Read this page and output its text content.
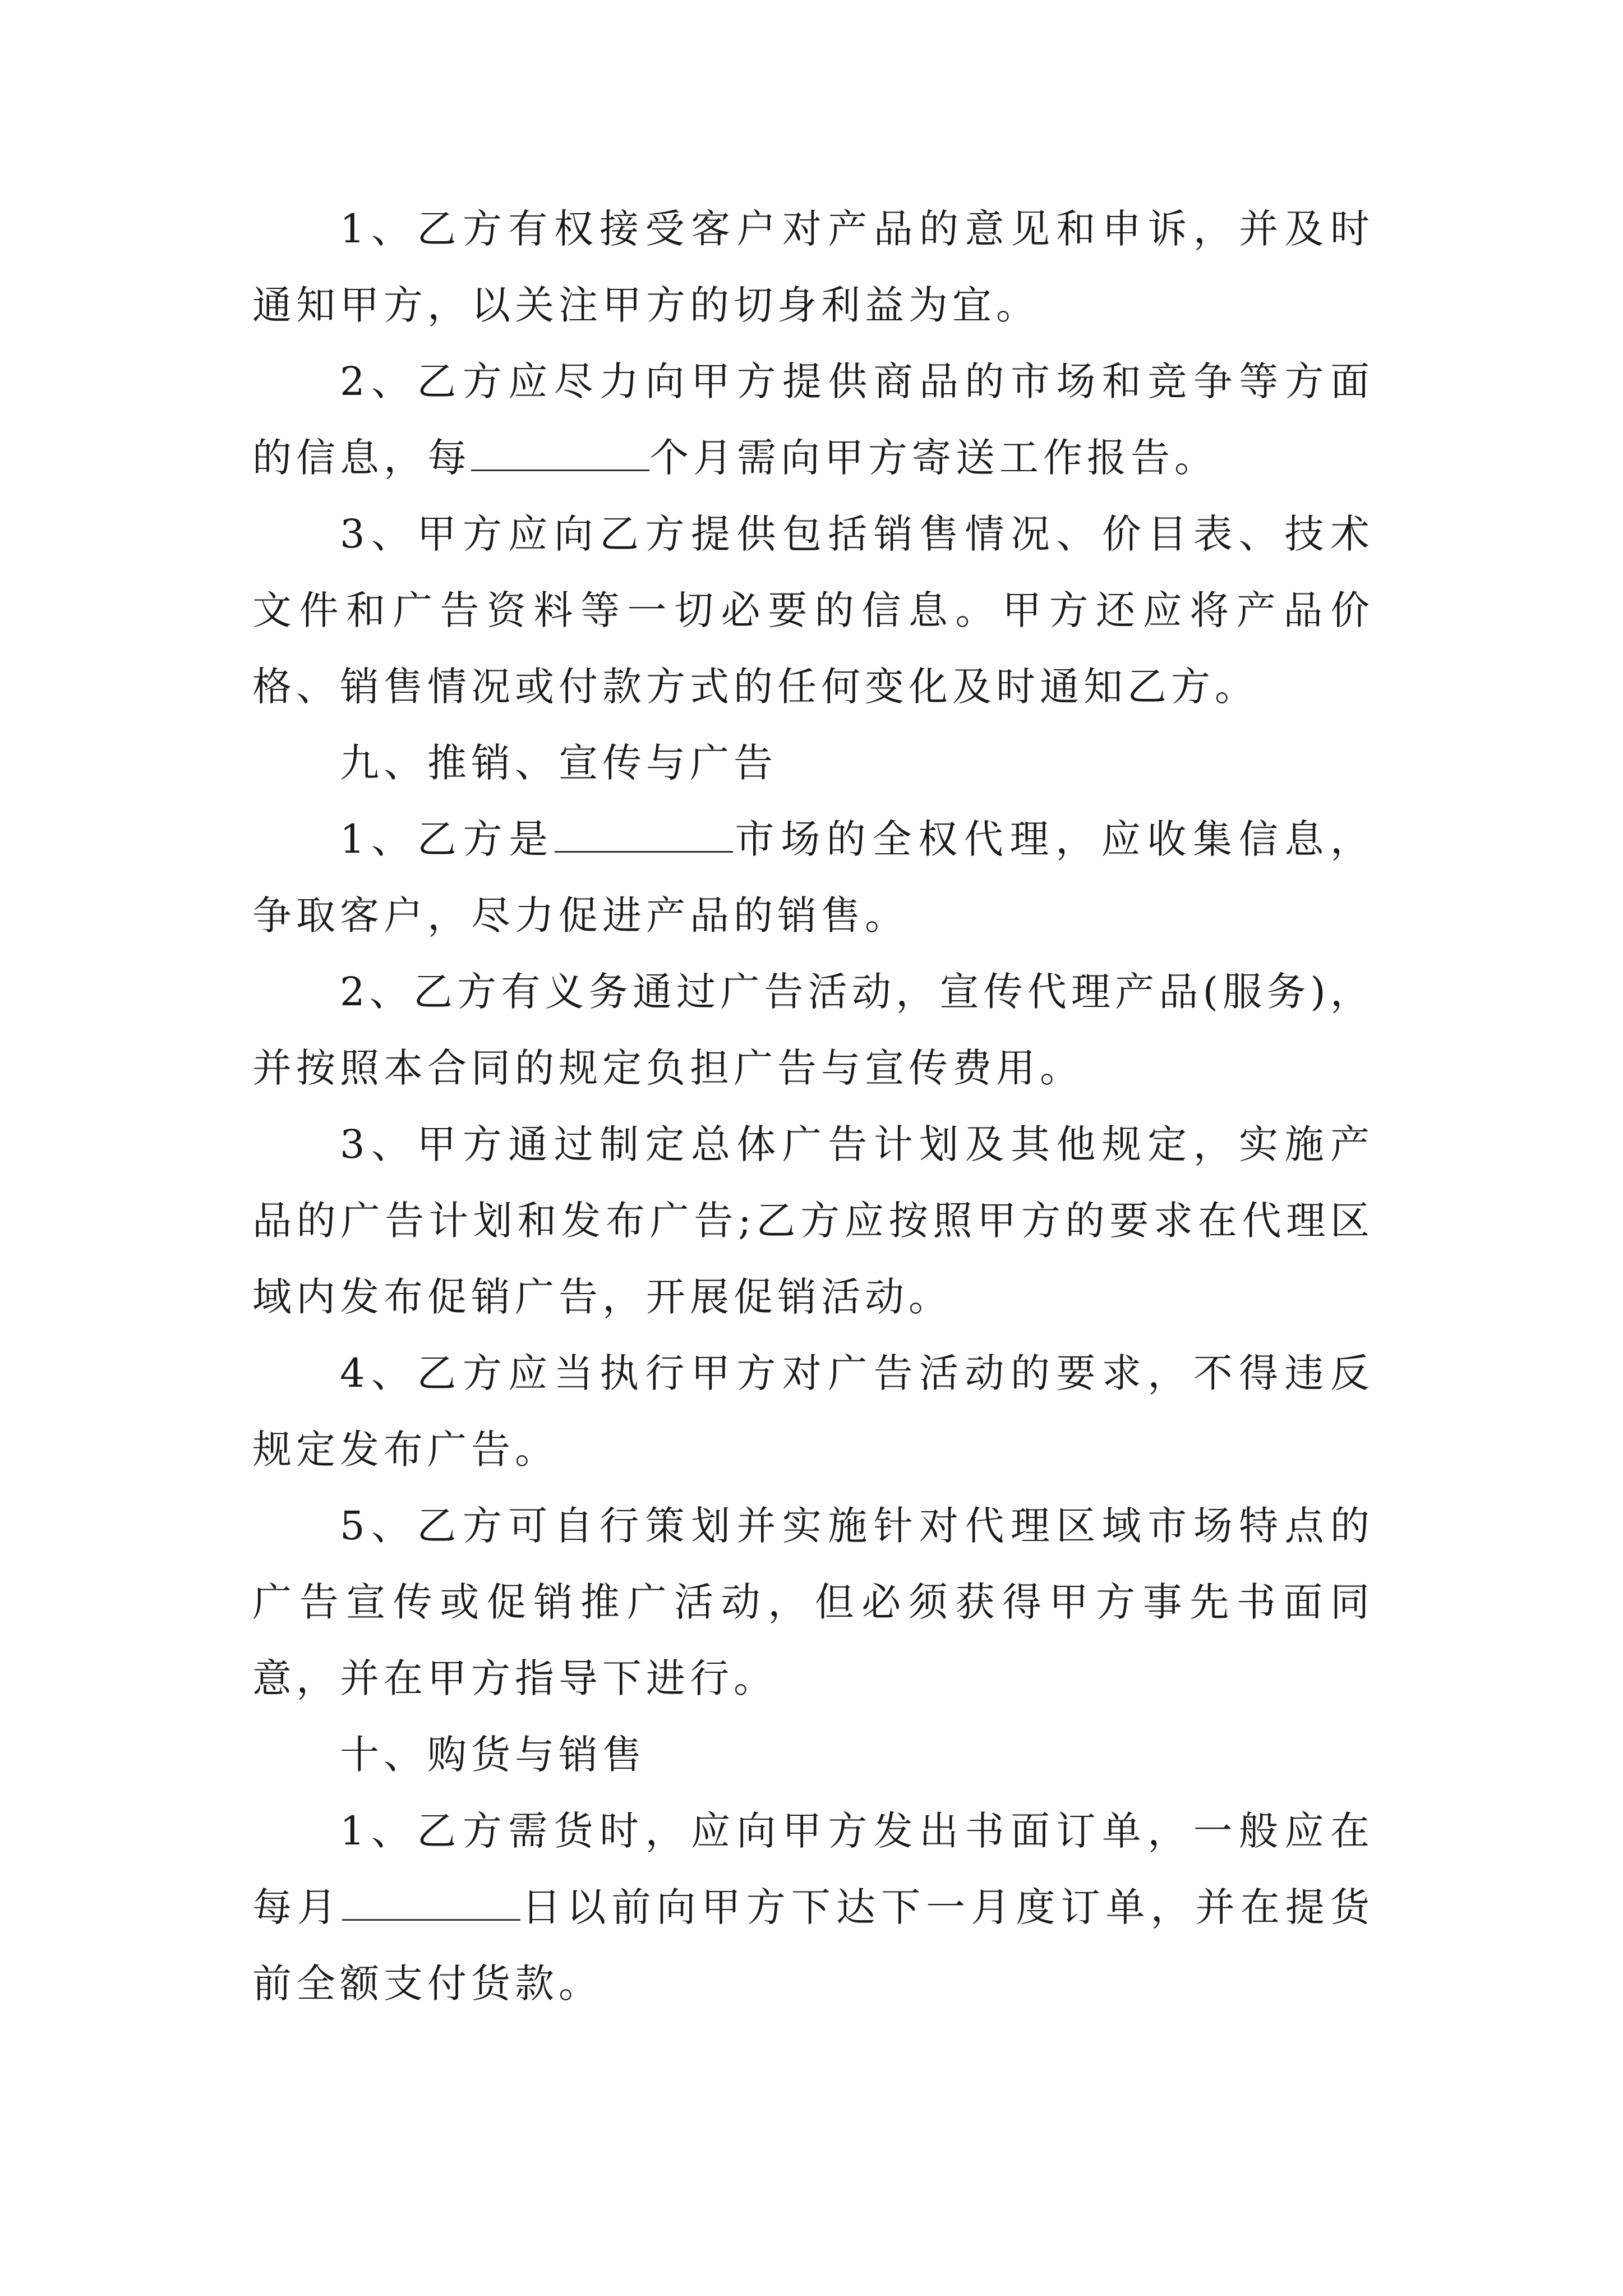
1、乙方有权接受客户对产品的意见和申诉，并及时通知甲方，以关注甲方的切身利益为宜。

2、乙方应尽力向甲方提供商品的市场和竞争等方面的信息，每	个月需向甲方寄送工作报告。

3、甲方应向乙方提供包括销售情况、价目表、技术文件和广告资料等一切必要的信息。甲方还应将产品价格、销售情况或付款方式的任何变化及时通知乙方。

九、推销、宣传与广告

1、乙方是	市场的全权代理，应收集信息，争取客户，尽力促进产品的销售。

2、乙方有义务通过广告活动，宣传代理产品(服务)，并按照本合同的规定负担广告与宣传费用。

3、甲方通过制定总体广告计划及其他规定，实施产品的广告计划和发布广告;乙方应按照甲方的要求在代理区域内发布促销广告，开展促销活动。

4、乙方应当执行甲方对广告活动的要求，不得违反规定发布广告。

5、乙方可自行策划并实施针对代理区域市场特点的广告宣传或促销推广活动，但必须获得甲方事先书面同意，并在甲方指导下进行。

十、购货与销售

1、乙方需货时，应向甲方发出书面订单，一般应在每月	日以前向甲方下达下一月度订单，并在提货前全额支付货款。
